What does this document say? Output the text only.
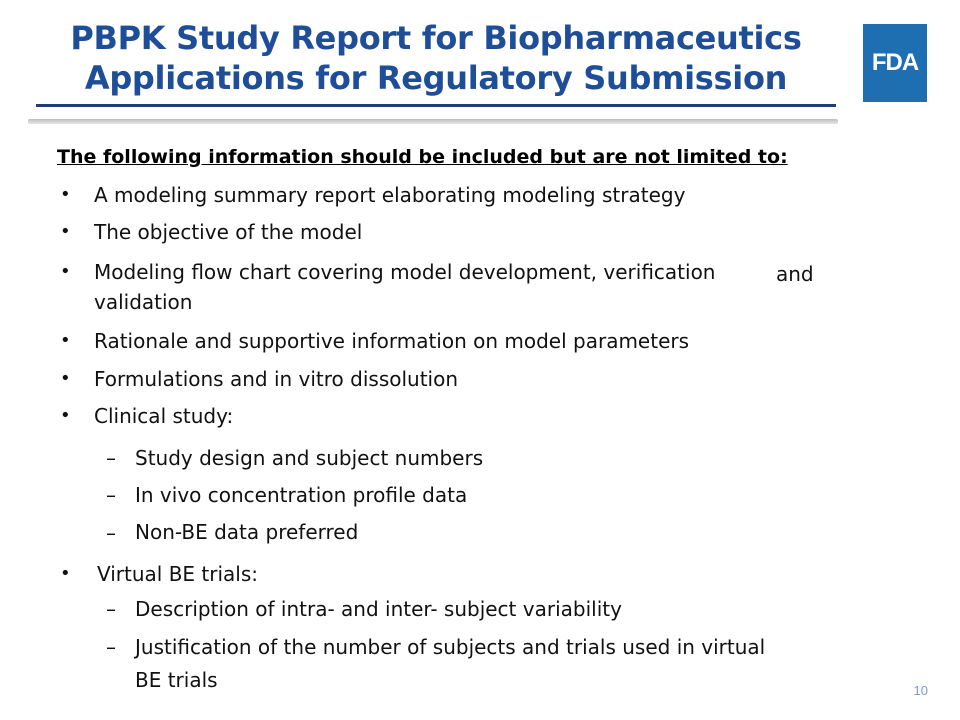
PBPK Study Report for Biopharmaceutics
Applications for Regulatory Submission	FDA
The following information should be included but are not limited to:
• A modeling summary report elaborating modeling strategy
• The objective of the model
• Modeling flow chart covering model development, verification	and
validation
• Rationale and supportive information on model parameters
• Formulations and in vitro dissolution
• Clinical study:
– Study design and subject numbers
– In vivo concentration profile data
– Non-BE data preferred
• Virtual BE trials:
– Description of intra- and inter- subject variability
– Justification of the number of subjects and trials used in virtual
BE trials	10
